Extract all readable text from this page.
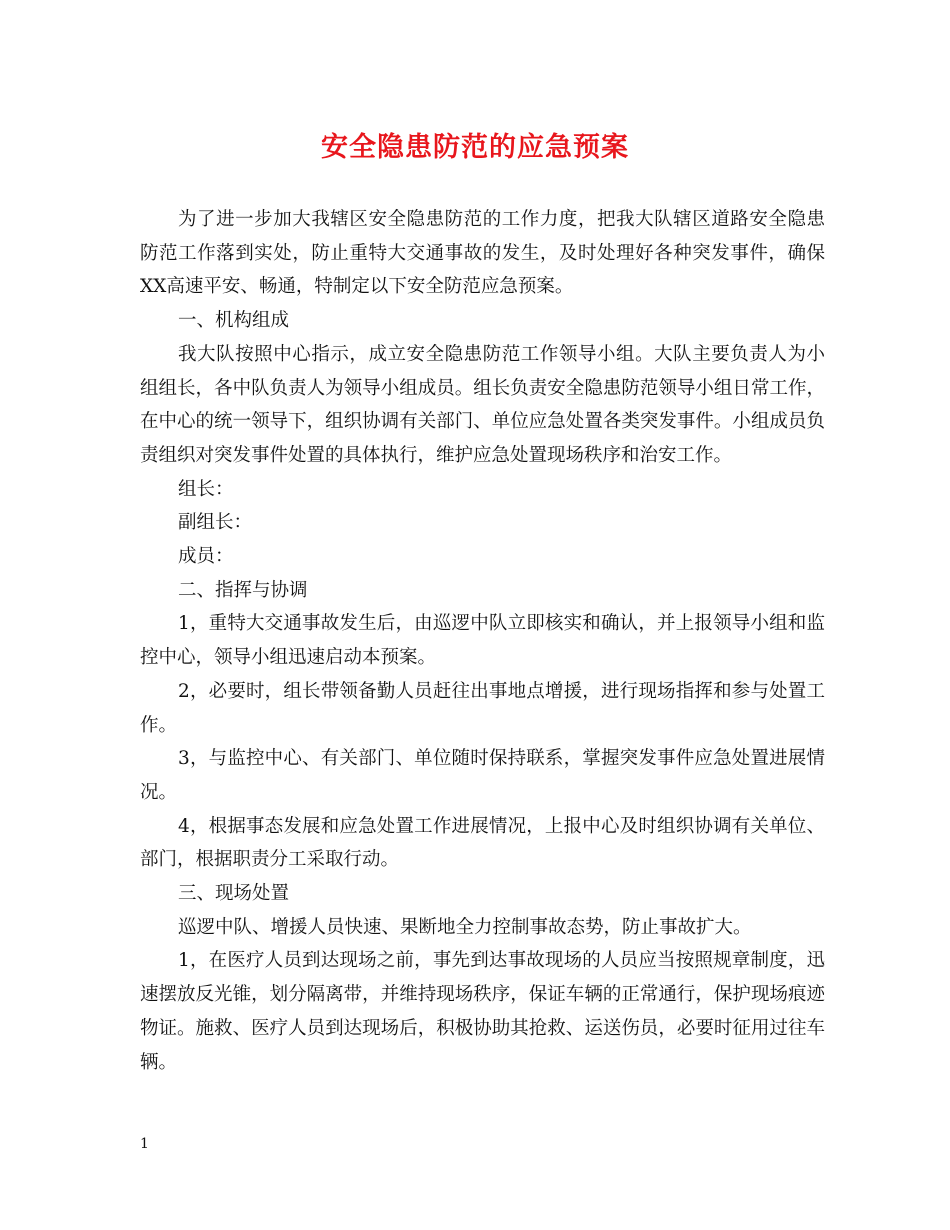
安全隐患防范的应急预案

为了进一步加大我辖区安全隐患防范的工作力度，把我大队辖区道路安全隐患防范工作落到实处，防止重特大交通事故的发生，及时处理好各种突发事件，确保XX高速平安、畅通，特制定以下安全防范应急预案。

一、机构组成

我大队按照中心指示，成立安全隐患防范工作领导小组。大队主要负责人为小组组长，各中队负责人为领导小组成员。组长负责安全隐患防范领导小组日常工作，在中心的统一领导下，组织协调有关部门、单位应急处置各类突发事件。小组成员负责组织对突发事件处置的具体执行，维护应急处置现场秩序和治安工作。

组长：

副组长：

成员：

二、指挥与协调

1，重特大交通事故发生后，由巡逻中队立即核实和确认，并上报领导小组和监控中心，领导小组迅速启动本预案。

2，必要时，组长带领备勤人员赶往出事地点增援，进行现场指挥和参与处置工作。

3，与监控中心、有关部门、单位随时保持联系，掌握突发事件应急处置进展情况。

4，根据事态发展和应急处置工作进展情况，上报中心及时组织协调有关单位、部门，根据职责分工采取行动。

三、现场处置

巡逻中队、增援人员快速、果断地全力控制事故态势，防止事故扩大。

1，在医疗人员到达现场之前，事先到达事故现场的人员应当按照规章制度，迅速摆放反光锥，划分隔离带，并维持现场秩序，保证车辆的正常通行，保护现场痕迹物证。施救、医疗人员到达现场后，积极协助其抢救、运送伤员，必要时征用过往车辆。

1
